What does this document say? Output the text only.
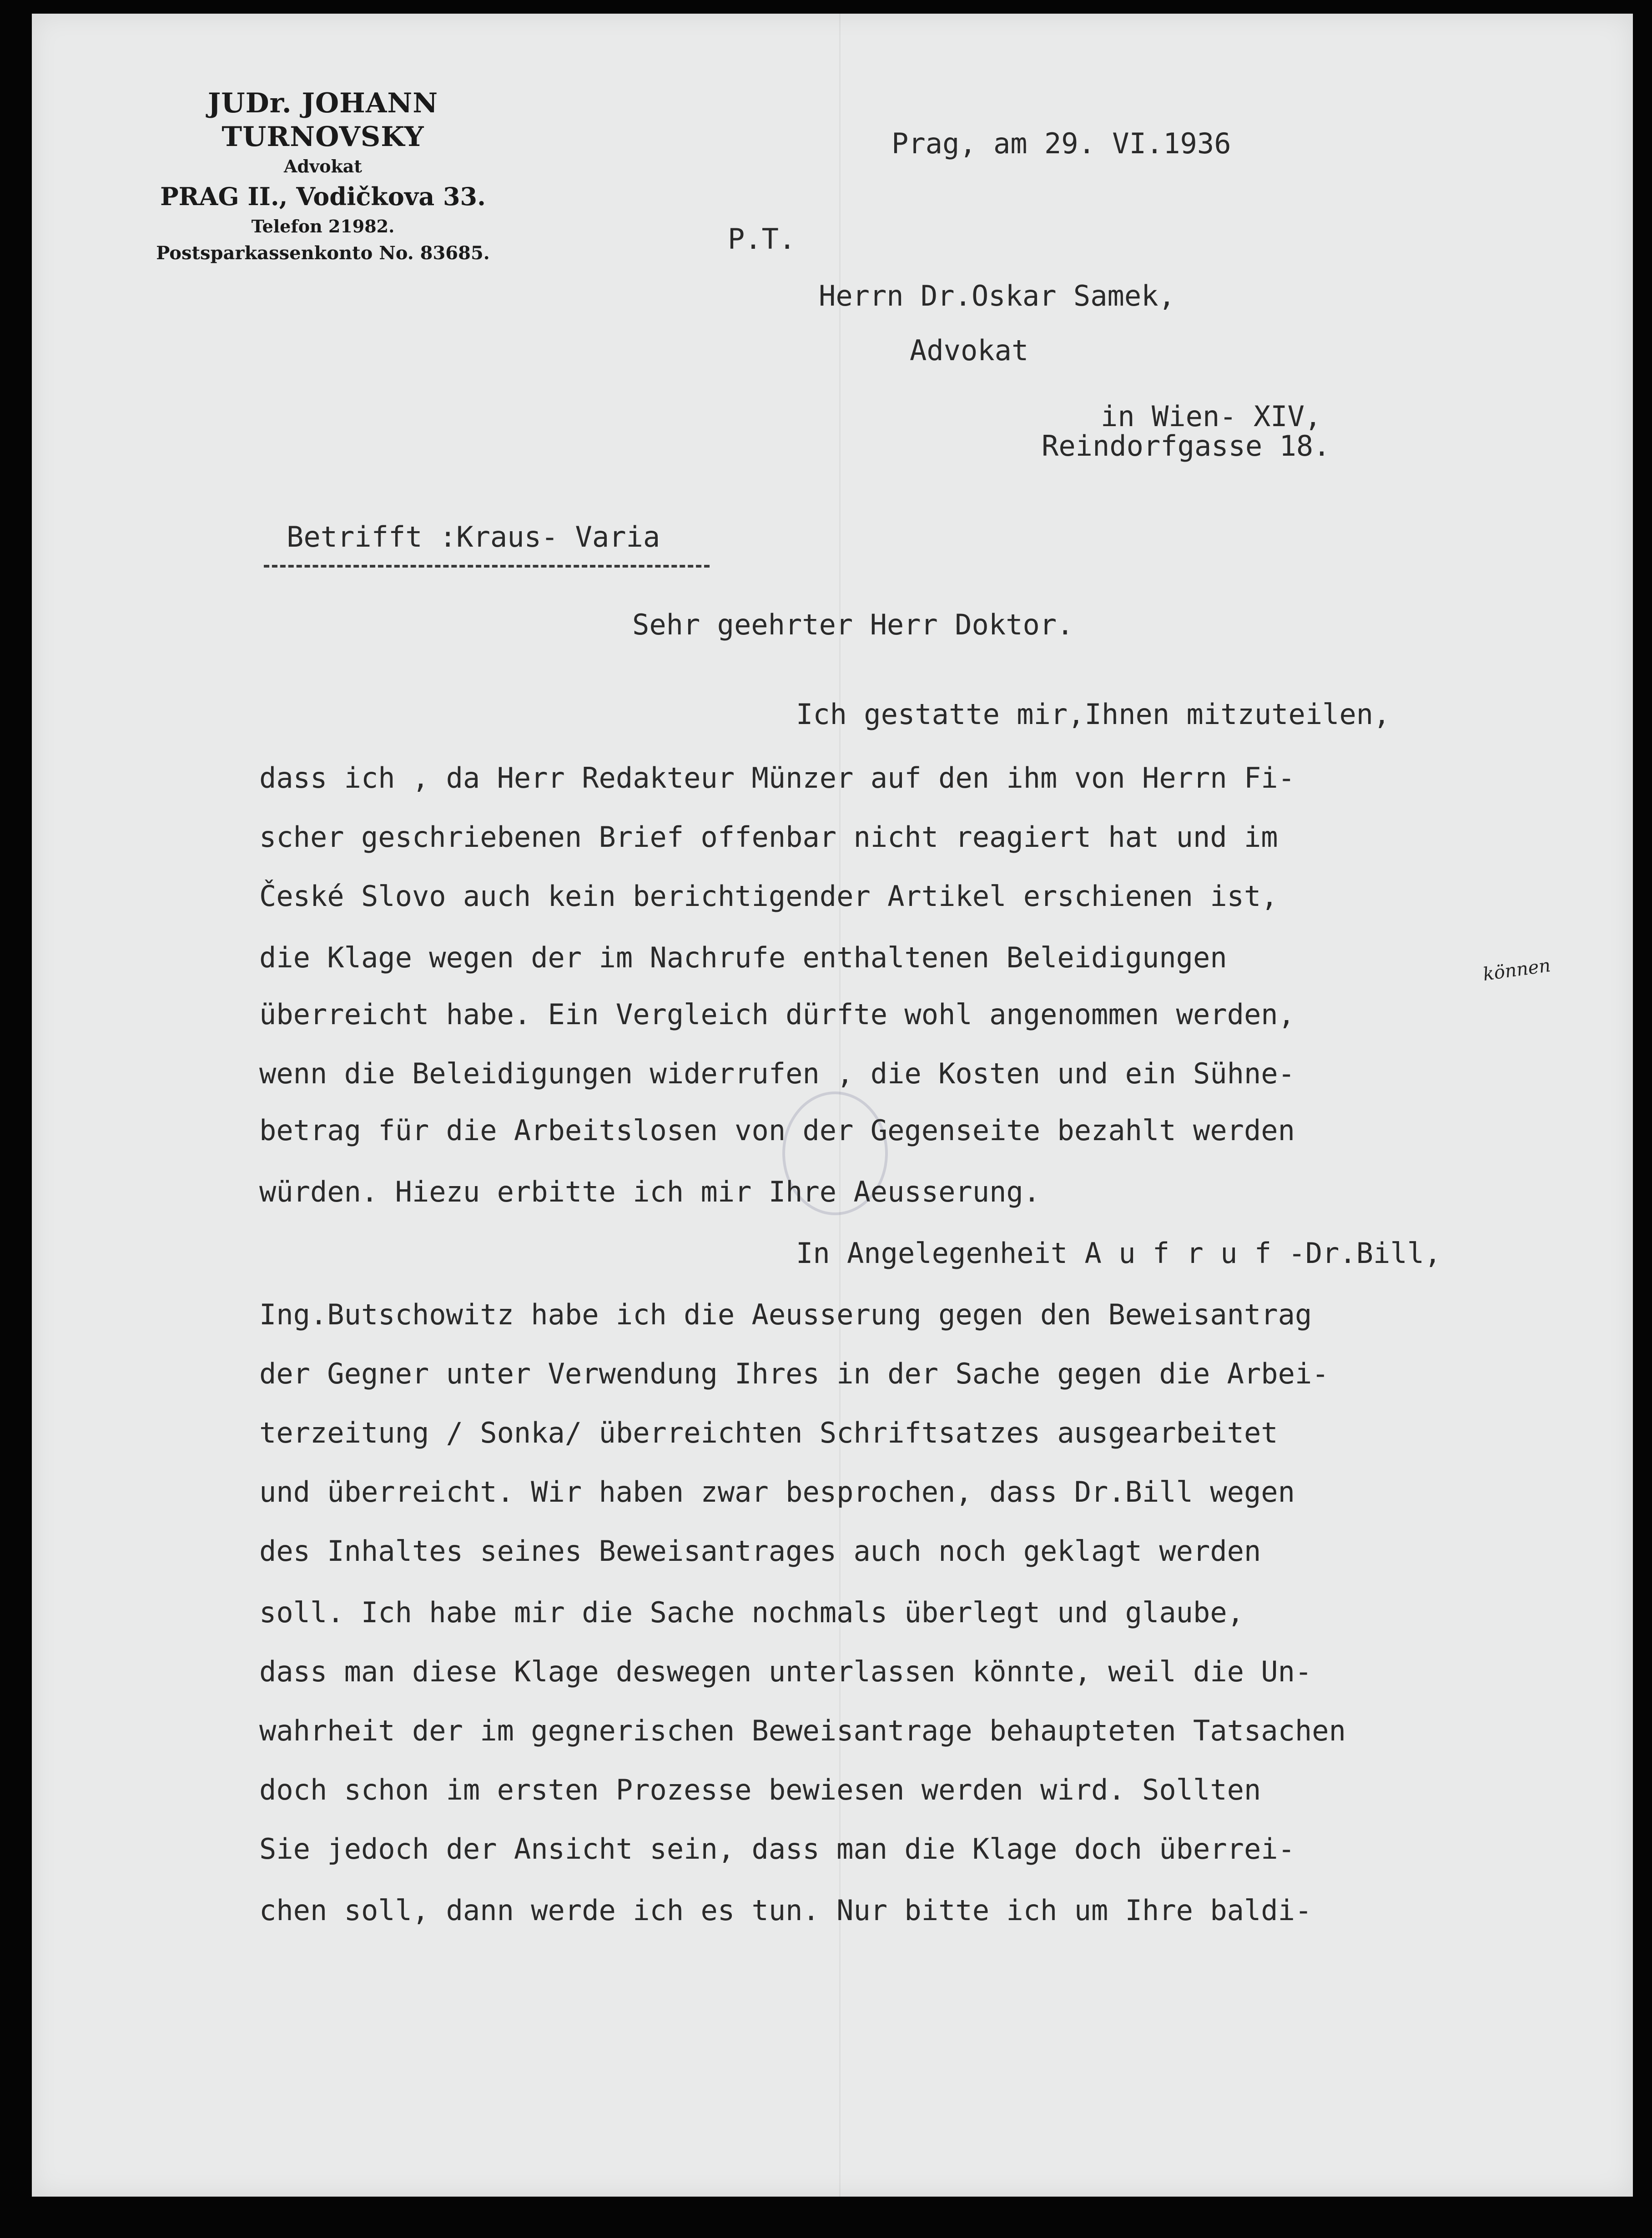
JUDr. JOHANN TURNOVSKY
Advokat
PRAG II., Vodičkova 33.
Telefon 21982.
Postsparkassenkonto No. 83685.
Prag, am 29. VI.1936
P.T.
Herrn Dr.Oskar Samek,
Advokat
in Wien- XIV,
Reindorfgasse 18.
Betrifft :Kraus- Varia
Sehr geehrter Herr Doktor.
können
Ich gestatte mir,Ihnen mitzuteilen,
dass ich , da Herr Redakteur Münzer auf den ihm von Herrn Fi-
scher geschriebenen Brief offenbar nicht reagiert hat und im
České Slovo auch kein berichtigender Artikel erschienen ist,
die Klage wegen der im Nachrufe enthaltenen Beleidigungen
überreicht habe. Ein Vergleich dürfte wohl angenommen werden,
wenn die Beleidigungen widerrufen , die Kosten und ein Sühne-
betrag für die Arbeitslosen von der Gegenseite bezahlt werden
würden. Hiezu erbitte ich mir Ihre Aeusserung.
In Angelegenheit A u f r u f -Dr.Bill,
Ing.Butschowitz habe ich die Aeusserung gegen den Beweisantrag
der Gegner unter Verwendung Ihres in der Sache gegen die Arbei-
terzeitung / Sonka/ überreichten Schriftsatzes ausgearbeitet
und überreicht. Wir haben zwar besprochen, dass Dr.Bill wegen
des Inhaltes seines Beweisantrages auch noch geklagt werden
soll. Ich habe mir die Sache nochmals überlegt und glaube,
dass man diese Klage deswegen unterlassen könnte, weil die Un-
wahrheit der im gegnerischen Beweisantrage behaupteten Tatsachen
doch schon im ersten Prozesse bewiesen werden wird. Sollten
Sie jedoch der Ansicht sein, dass man die Klage doch überrei-
chen soll, dann werde ich es tun. Nur bitte ich um Ihre baldi-
